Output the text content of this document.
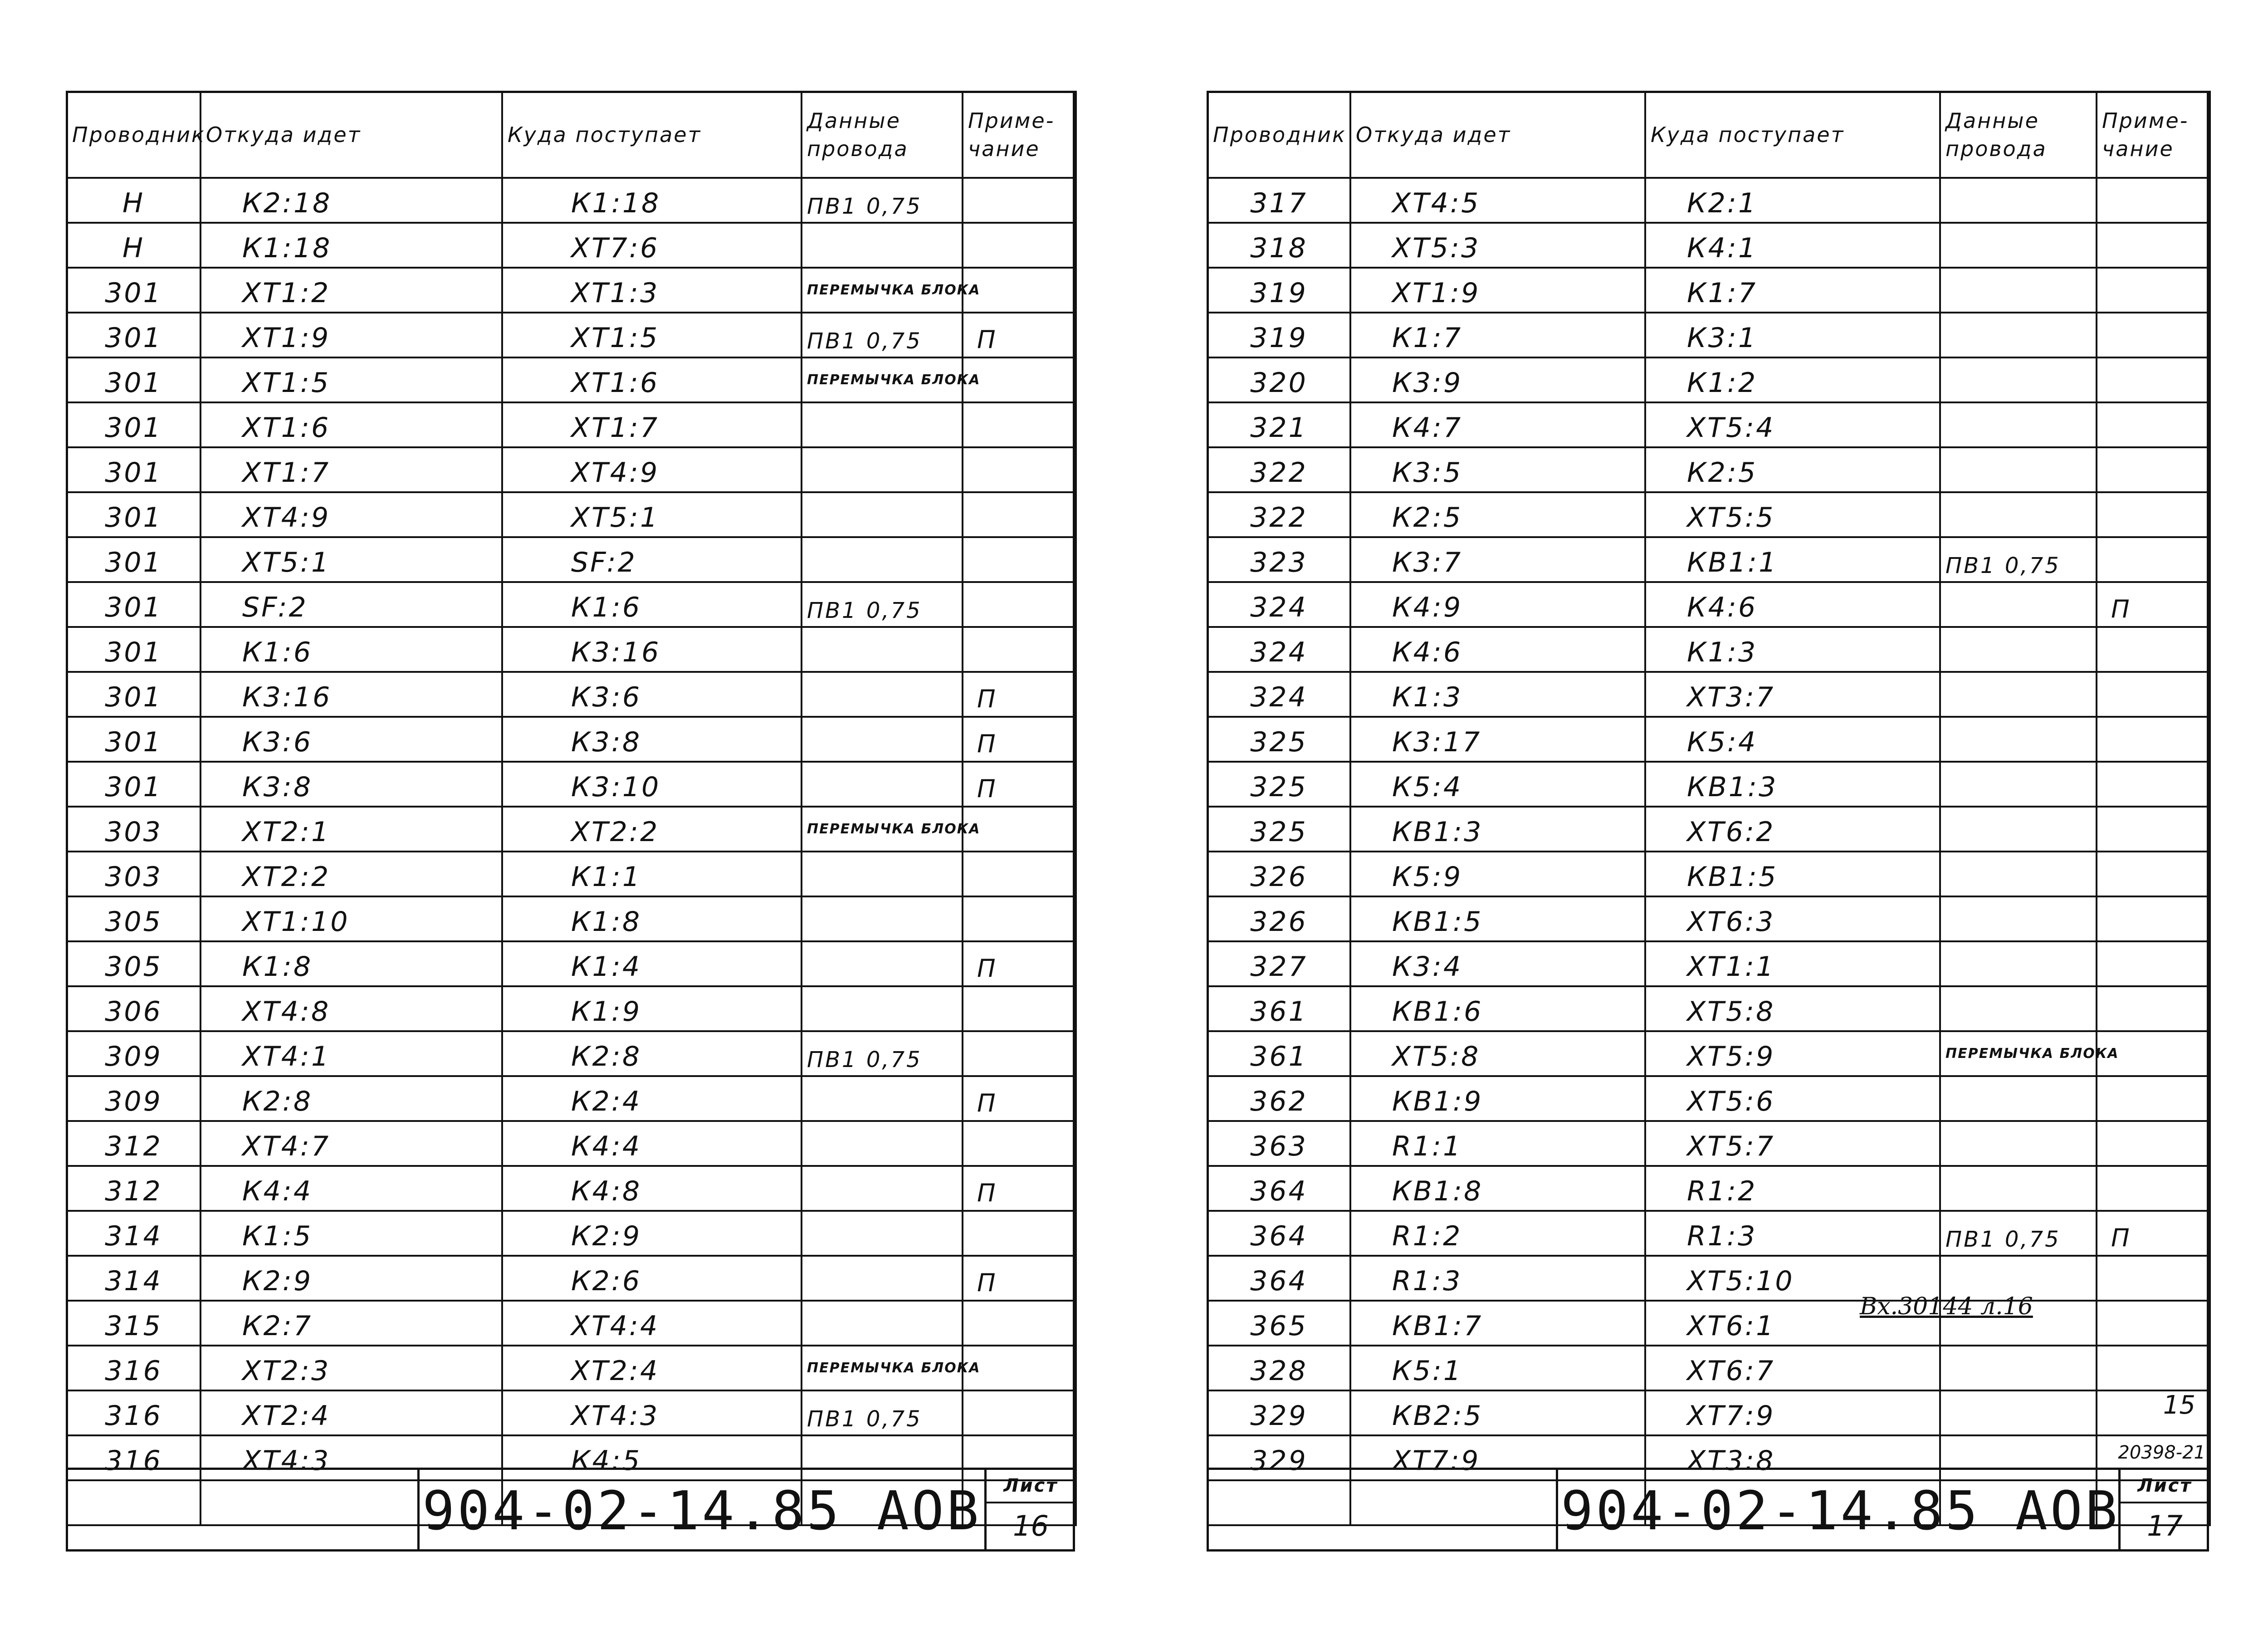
Проводник	Откуда идет	Куда поступает	Данные провода	Приме-чание
Н	К2:18	К1:18	ПВ1 0,75	
Н	К1:18	ХТ7:6		
301	ХТ1:2	ХТ1:3	ПЕРЕМЫЧКА БЛОКА	
301	ХТ1:9	ХТ1:5	ПВ1 0,75	П
301	ХТ1:5	ХТ1:6	ПЕРЕМЫЧКА БЛОКА	
301	ХТ1:6	ХТ1:7		
301	ХТ1:7	ХТ4:9		
301	ХТ4:9	ХТ5:1		
301	ХТ5:1	SF:2		
301	SF:2	К1:6	ПВ1 0,75	
301	К1:6	К3:16		
301	К3:16	К3:6		П
301	К3:6	К3:8		П
301	К3:8	К3:10		П
303	ХТ2:1	ХТ2:2	ПЕРЕМЫЧКА БЛОКА	
303	ХТ2:2	К1:1		
305	ХТ1:10	К1:8		
305	К1:8	К1:4		П
306	ХТ4:8	К1:9		
309	ХТ4:1	К2:8	ПВ1 0,75	
309	К2:8	К2:4		П
312	ХТ4:7	К4:4		
312	К4:4	К4:8		П
314	К1:5	К2:9		
314	К2:9	К2:6		П
315	К2:7	ХТ4:4		
316	ХТ2:3	ХТ2:4	ПЕРЕМЫЧКА БЛОКА	
316	ХТ2:4	ХТ4:3	ПВ1 0,75	
316	ХТ4:3	К4:5		

904-02-14.85 АОВ	Лист
16
Проводник	Откуда идет	Куда поступает	Данные провода	Приме-чание
317	ХТ4:5	К2:1		
318	ХТ5:3	К4:1		
319	ХТ1:9	К1:7		
319	К1:7	К3:1		
320	К3:9	К1:2		
321	К4:7	ХТ5:4		
322	К3:5	К2:5		
322	К2:5	ХТ5:5		
323	К3:7	КВ1:1	ПВ1 0,75	
324	К4:9	К4:6		П
324	К4:6	К1:3		
324	К1:3	ХТ3:7		
325	К3:17	К5:4		
325	К5:4	КВ1:3		
325	КВ1:3	ХТ6:2		
326	К5:9	КВ1:5		
326	КВ1:5	ХТ6:3		
327	К3:4	ХТ1:1		
361	КВ1:6	ХТ5:8		
361	ХТ5:8	ХТ5:9	ПЕРЕМЫЧКА БЛОКА	
362	КВ1:9	ХТ5:6		
363	R1:1	ХТ5:7		
364	КВ1:8	R1:2		
364	R1:2	R1:3	ПВ1 0,75	П
364	R1:3	ХТ5:10		
365	КВ1:7	ХТ6:1		
328	К5:1	ХТ6:7		
329	КВ2:5	ХТ7:9		
329	ХТ7:9	ХТ3:8		

Вх.30144 л.16
15
20398-21
904-02-14.85 АОВ Лист
17
